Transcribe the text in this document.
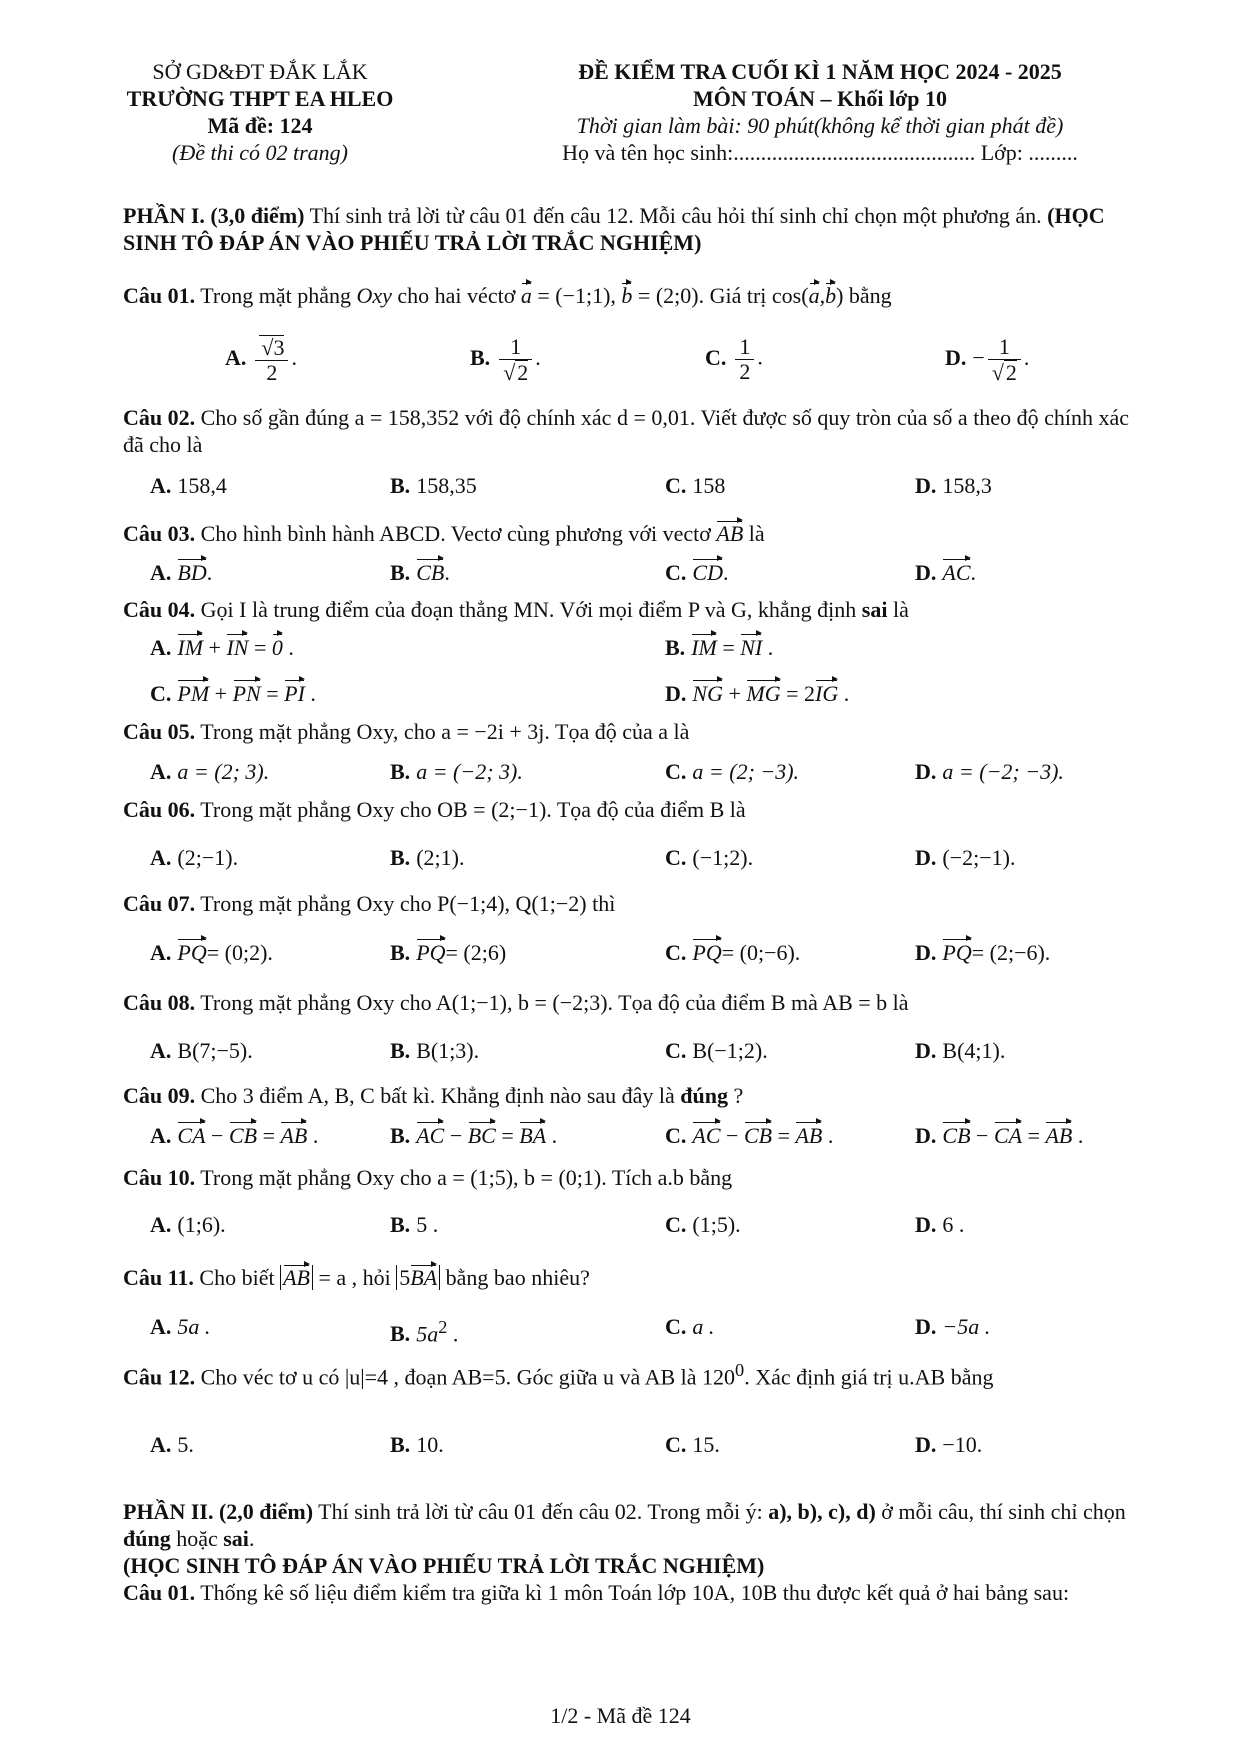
SỞ GD&ĐT ĐẮK LẮK
TRƯỜNG THPT EA HLEO
Mã đề: 124
(Đề thi có 02 trang)
ĐỀ KIỂM TRA CUỐI KÌ 1 NĂM HỌC 2024 - 2025
MÔN TOÁN – Khối lớp 10
Thời gian làm bài: 90 phút(không kể thời gian phát đề)
Họ và tên học sinh:............................................ Lớp: .........
PHẦN I. (3,0 điểm) Thí sinh trả lời từ câu 01 đến câu 12. Mỗi câu hỏi thí sinh chỉ chọn một phương án. (HỌC SINH TÔ ĐÁP ÁN VÀO PHIẾU TRẢ LỜI TRẮC NGHIỆM)
Câu 01. Trong mặt phẳng Oxy cho hai véctơ a = (−1;1), b = (2;0). Giá trị cos(a,b) bằng
A. $\frac{√3}{2}$ .	B. $\frac{1}{√2}$ .	C. $\frac{1}{2}$ .	D. − $\frac{1}{√2}$ .
Câu 02. Cho số gần đúng a = 158,352 với độ chính xác d = 0,01. Viết được số quy tròn của số a theo độ chính xác đã cho là
A. 158,4	B. 158,35	C. 158	D. 158,3
Câu 03. Cho hình bình hành ABCD. Vectơ cùng phương với vectơ AB là
A. BD.	B. CB.	C. CD.	D. AC.
Câu 04. Gọi I là trung điểm của đoạn thẳng MN. Với mọi điểm P và G, khẳng định sai là
A. IM + IN = 0 .	B. IM = NI .
C. PM + PN = PI .	D. NG + MG = 2IG .
Câu 05. Trong mặt phẳng Oxy, cho a = −2i + 3j. Tọa độ của a là
A. a = (2; 3).	B. a = (−2; 3).	C. a = (2; −3).	D. a = (−2; −3).
Câu 06. Trong mặt phẳng Oxy cho OB = (2;−1). Tọa độ của điểm B là
A. (2;−1).	B. (2;1).	C. (−1;2).	D. (−2;−1).
Câu 07. Trong mặt phẳng Oxy cho P(−1;4), Q(1;−2) thì
A. PQ= (0;2).	B. PQ= (2;6)	C. PQ= (0;−6).	D. PQ= (2;−6).
Câu 08. Trong mặt phẳng Oxy cho A(1;−1), b = (−2;3). Tọa độ của điểm B mà AB = b là
A. B(7;−5).	B. B(1;3).	C. B(−1;2).	D. B(4;1).
Câu 09. Cho 3 điểm A, B, C bất kì. Khẳng định nào sau đây là đúng ?
A. CA − CB = AB .	B. AC − BC = BA .	C. AC − CB = AB .	D. CB − CA = AB .
Câu 10. Trong mặt phẳng Oxy cho a = (1;5), b = (0;1). Tích a.b bằng
A. (1;6).	B. 5 .	C. (1;5).	D. 6 .
Câu 11. Cho biết AB = a , hỏi 5BA bằng bao nhiêu?
A. 5a .	B. $5a^2$ .	C. a .	D. −5a .
Câu 12. Cho véc tơ u có |u|=4 , đoạn AB=5. Góc giữa u và AB là $120^0$. Xác định giá trị u.AB bằng
A. 5.	B. 10.	C. 15.	D. −10.
PHẦN II. (2,0 điểm) Thí sinh trả lời từ câu 01 đến câu 02. Trong mỗi ý: a), b), c), d) ở mỗi câu, thí sinh chỉ chọn đúng hoặc sai.
(HỌC SINH TÔ ĐÁP ÁN VÀO PHIẾU TRẢ LỜI TRẮC NGHIỆM)
Câu 01. Thống kê số liệu điểm kiểm tra giữa kì 1 môn Toán lớp 10A, 10B thu được kết quả ở hai bảng sau:
1/2 - Mã đề 124
